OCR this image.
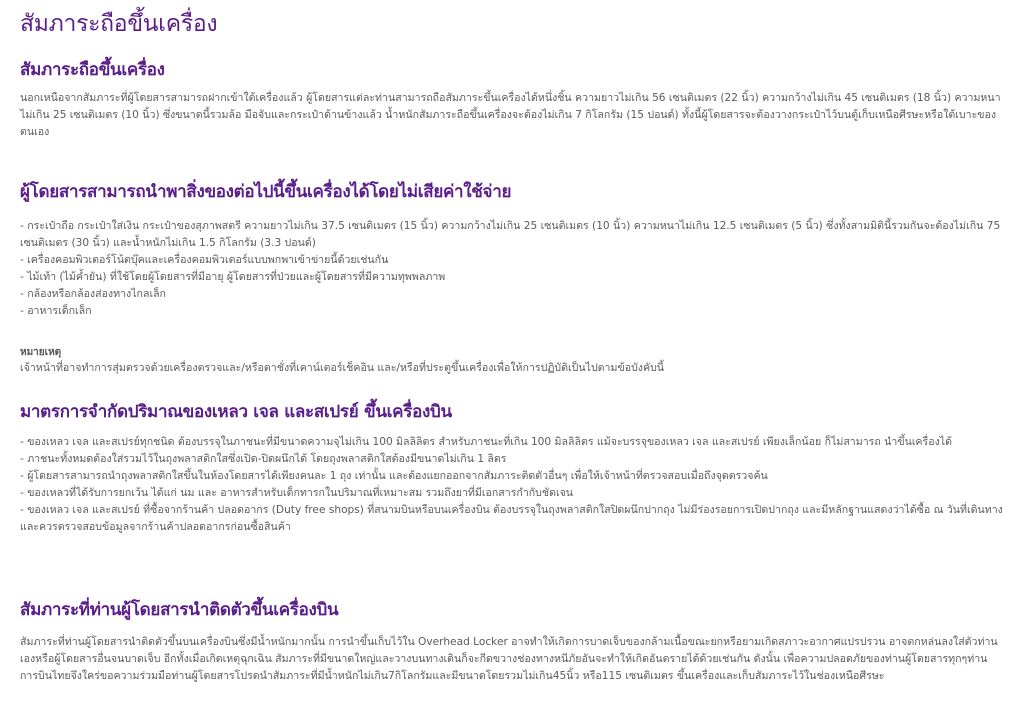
สัมภาระถือขึ้นเครื่อง
สัมภาระถือขึ้นเครื่อง

นอกเหนือจากสัมภาระที่ผู้โดยสารสามารถฝากเข้าใต้เครื่องแล้ว ผู้โดยสารแต่ละท่านสามารถถือสัมภาระขึ้นเครื่องได้หนึ่งชิ้น ความยาวไม่เกิน 56 เซนติเมตร (22 นิ้ว) ความกว้างไม่เกิน 45 เซนติเมตร (18 นิ้ว) ความหนาไม่เกิน 25 เซนติเมตร (10 นิ้ว) ซึ่งขนาดนี้รวมล้อ มือจับและกระเป๋าด้านข้างแล้ว น้ำหนักสัมภาระถือขึ้นเครื่องจะต้องไม่เกิน 7 กิโลกรัม (15 ปอนด์) ทั้งนี้ผู้โดยสารจะต้องวางกระเป๋าไว้บนตู้เก็บเหนือศีรษะหรือใต้เบาะของตนเอง

ผู้โดยสารสามารถนำพาสิ่งของต่อไปนี้ขึ้นเครื่องได้โดยไม่เสียค่าใช้จ่าย
- กระเป๋าถือ กระเป๋าใส่เงิน กระเป๋าของสุภาพสตรี ความยาวไม่เกิน 37.5 เซนติเมตร (15 นิ้ว) ความกว้างไม่เกิน 25 เซนติเมตร (10 นิ้ว) ความหนาไม่เกิน 12.5 เซนติเมตร (5 นิ้ว) ซึ่งทั้งสามมิตินี้รวมกันจะต้องไม่เกิน 75 เซนติเมตร (30 นิ้ว) และน้ำหนักไม่เกิน 1.5 กิโลกรัม (3.3 ปอนด์)
- เครื่องคอมพิวเตอร์โน้ตบุ๊คและเครื่องคอมพิวเตอร์แบบพกพาเข้าข่ายนี้ด้วยเช่นกัน
- ไม้เท้า (ไม้ค้ำยัน) ที่ใช้โดยผู้โดยสารที่มีอายุ ผู้โดยสารที่ป่วยและผู้โดยสารที่มีความทุพพลภาพ
- กล้องหรือกล้องส่องทางไกลเล็ก
- อาหารเด็กเล็ก

หมายเหตุ

เจ้าหน้าที่อาจทำการสุ่มตรวจด้วยเครื่องตรวจและ/หรือตาชั่งที่เคาน์เตอร์เช็คอิน และ/หรือที่ประตูขึ้นเครื่องเพื่อให้การปฏิบัติเป็นไปตามข้อบังคับนี้

มาตรการจำกัดปริมาณของเหลว เจล และสเปรย์ ขึ้นเครื่องบิน
- ของเหลว เจล และสเปรย์ทุกชนิด ต้องบรรจุในภาชนะที่มีขนาดความจุไม่เกิน 100 มิลลิลิตร สำหรับภาชนะที่เกิน 100 มิลลิลิตร แม้จะบรรจุของเหลว เจล และสเปรย์ เพียงเล็กน้อย ก็ไม่สามารถ นำขึ้นเครื่องได้
- ภาชนะทั้งหมดต้องใส่รวมไว้ในถุงพลาสติกใสซึ่งเปิด-ปิดผนึกได้ โดยถุงพลาสติกใสต้องมีขนาดไม่เกิน 1 ลิตร
- ผู้โดยสารสามารถนำถุงพลาสติกใสขึ้นในห้องโดยสารได้เพียงคนละ 1 ถุง เท่านั้น และต้องแยกออกจากสัมภาระติดตัวอื่นๆ เพื่อให้เจ้าหน้าที่ตรวจสอบเมื่อถึงจุดตรวจค้น
- ของเหลวที่ได้รับการยกเว้น ได้แก่ นม และ อาหารสำหรับเด็กทารกในปริมาณที่เหมาะสม รวมถึงยาที่มีเอกสารกำกับชัดเจน
- ของเหลว เจล และสเปรย์ ที่ซื้อจากร้านค้า ปลอดอากร (Duty free shops) ที่สนามบินหรือบนเครื่องบิน ต้องบรรจุในถุงพลาสติกใสปิดผนึกปากถุง ไม่มีร่องรอยการเปิดปากถุง และมีหลักฐานแสดงว่าได้ซื้อ ณ วันที่เดินทาง และควรตรวจสอบข้อมูลจากร้านค้าปลอดอากรก่อนซื้อสินค้า
สัมภาระที่ท่านผู้โดยสารนำติดตัวขึ้นเครื่องบิน

สัมภาระที่ท่านผู้โดยสารนำติดตัวขึ้นบนเครื่องบินซึ่งมีน้ำหนักมากนั้น การนำขึ้นเก็บไว้ใน Overhead Locker อาจทำให้เกิดการบาดเจ็บของกล้ามเนื้อขณะยกหรือยามเกิดสภาวะอากาศแปรปรวน อาจตกหล่นลงใส่ตัวท่านเองหรือผู้โดยสารอื่นจนบาดเจ็บ อีกทั้งเมื่อเกิดเหตุฉุกเฉิน สัมภาระที่มีขนาดใหญ่และวางบนทางเดินก็จะกีดขวางช่องทางหนีภัยอันจะทำให้เกิดอันตรายได้ด้วยเช่นกัน ดังนั้น เพื่อความปลอดภัยของท่านผู้โดยสารทุกๆท่าน การบินไทยจึงใคร่ขอความร่วมมือท่านผู้โดยสารโปรดนำสัมภาระที่มีน้ำหนักไม่เกิน7กิโลกรัมและมีขนาดโดยรวมไม่เกิน45นิ้ว หรือ115 เซนติเมตร ขึ้นเครื่องและเก็บสัมภาระไว้ในช่องเหนือศีรษะ
